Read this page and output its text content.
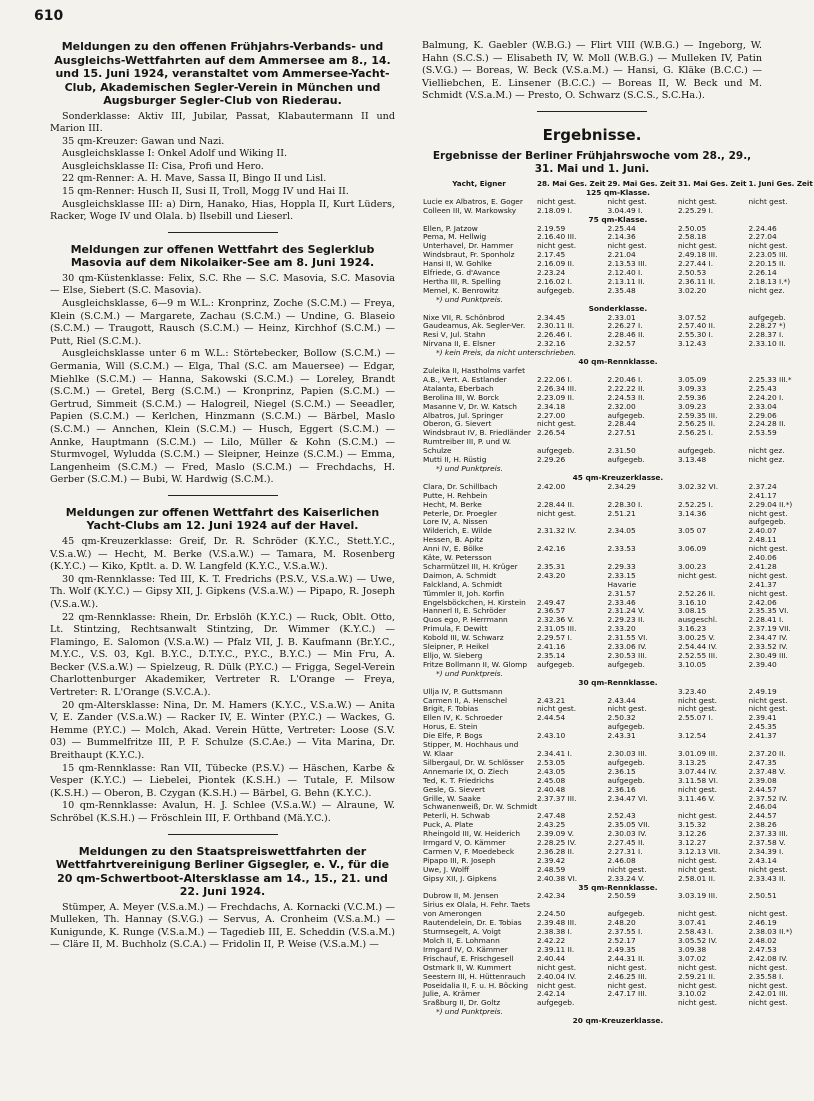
610
Meldungen zu den offenen Frühjahrs-Verbands- und Ausgleichs-Wettfahrten auf dem Ammersee am 8., 14. und 15. Juni 1924, veranstaltet vom Ammersee-Yacht-Club, Akademischen Segler-Verein in München und Augsburger Segler-Club von Riederau.

Sonderklasse: Aktiv III, Jubilar, Passat, Klabautermann II und Marion III.

35 qm-Kreuzer: Gawan und Nazi.

Ausgleichsklasse I: Onkel Adolf und Wiking II.

Ausgleichsklasse II: Cisa, Profi und Hero.

22 qm-Renner: A. H. Mave, Sassa II, Bingo II und Lisl.

15 qm-Renner: Husch II, Susi II, Troll, Mogg IV und Hai II.

Ausgleichsklasse III: a) Dirn, Hanako, Hias, Hoppla II, Kurt Lüders, Racker, Woge IV und Olala. b) Ilsebill und Lieserl.

Meldungen zur offenen Wettfahrt des Seglerklub Masovia auf dem Nikolaiker-See am 8. Juni 1924.

30 qm-Küstenklasse: Felix, S.C. Rhe — S.C. Masovia, S.C. Masovia — Else, Siebert (S.C. Masovia).

Ausgleichsklasse, 6—9 m W.L.: Kronprinz, Zoche (S.C.M.) — Freya, Klein (S.C.M.) — Margarete, Zachau (S.C.M.) — Undine, G. Blaseio (S.C.M.) — Traugott, Rausch (S.C.M.) — Heinz, Kirchhof (S.C.M.) — Putt, Riel (S.C.M.).

Ausgleichsklasse unter 6 m W.L.: Störtebecker, Bollow (S.C.M.) — Germania, Will (S.C.M.) — Elga, Thal (S.C. am Mauersee) — Edgar, Miehlke (S.C.M.) — Hanna, Sakowski (S.C.M.) — Loreley, Brandt (S.C.M.) — Gretel, Berg (S.C.M.) — Kronprinz, Papien (S.C.M.) — Gertrud, Simmeit (S.C.M.) — Halogreil, Niegel (S.C.M.) — Seeadler, Papien (S.C.M.) — Kerlchen, Hinzmann (S.C.M.) — Bärbel, Maslo (S.C.M.) — Annchen, Klein (S.C.M.) — Husch, Eggert (S.C.M.) — Annke, Hauptmann (S.C.M.) — Lilo, Müller & Kohn (S.C.M.) — Sturmvogel, Wyludda (S.C.M.) — Sleipner, Heinze (S.C.M.) — Emma, Langenheim (S.C.M.) — Fred, Maslo (S.C.M.) — Frechdachs, H. Gerber (S.C.M.) — Bubi, W. Hardwig (S.C.M.).

Meldungen zur offenen Wettfahrt des Kaiserlichen Yacht-Clubs am 12. Juni 1924 auf der Havel.

45 qm-Kreuzerklasse: Greif, Dr. R. Schröder (K.Y.C., Stett.Y.C., V.S.a.W.) — Hecht, M. Berke (V.S.a.W.) — Tamara, M. Rosenberg (K.Y.C.) — Kiko, Kptlt. a. D. W. Langfeld (K.Y.C., V.S.a.W.).

30 qm-Rennklasse: Ted III, K. T. Fredrichs (P.S.V., V.S.a.W.) — Uwe, Th. Wolf (K.Y.C.) — Gipsy XII, J. Gipkens (V.S.a.W.) — Pipapo, R. Joseph (V.S.a.W.).

22 qm-Rennklasse: Rhein, Dr. Erbslöh (K.Y.C.) — Ruck, Oblt. Otto, Lt. Stintzing, Rechtsanwalt Stintzing, Dr. Wimmer (K.Y.C.) — Flamingo, E. Salomon (V.S.a.W.) — Pfalz VII, J. B. Kaufmann (Br.Y.C., M.Y.C., V.S. 03, Kgl. B.Y.C., D.T.Y.C., P.Y.C., B.Y.C.) — Min Fru, A. Becker (V.S.a.W.) — Spielzeug, R. Dülk (P.Y.C.) — Frigga, Segel-Verein Charlottenburger Akademiker, Vertreter R. L'Orange — Freya, Vertreter: R. L'Orange (S.V.C.A.).

20 qm-Altersklasse: Nina, Dr. M. Hamers (K.Y.C., V.S.a.W.) — Anita V, E. Zander (V.S.a.W.) — Racker IV, E. Winter (P.Y.C.) — Wackes, G. Hemme (P.Y.C.) — Molch, Akad. Verein Hütte, Vertreter: Loose (S.V. 03) — Bummelfritze III, P. F. Schulze (S.C.Ae.) — Vita Marina, Dr. Breithaupt (K.Y.C.).

15 qm-Rennklasse: Ran VII, Tübecke (P.S.V.) — Häschen, Karbe & Vesper (K.Y.C.) — Liebelei, Piontek (K.S.H.) — Tutale, F. Milsow (K.S.H.) — Oberon, B. Czygan (K.S.H.) — Bärbel, G. Behn (K.Y.C.).

10 qm-Rennklasse: Avalun, H. J. Schlee (V.S.a.W.) — Alraune, W. Schröbel (K.S.H.) — Fröschlein III, F. Orthband (Mä.Y.C.).

Meldungen zu den Staatspreiswettfahrten der Wettfahrtvereinigung Berliner Gigsegler, e. V., für die 20 qm-Schwertboot-Altersklasse am 14., 15., 21. und 22. Juni 1924.

Stümper, A. Meyer (V.S.a.M.) — Frechdachs, A. Kornacki (V.C.M.) — Mulleken, Th. Hannay (S.V.G.) — Servus, A. Cronheim (V.S.a.M.) — Kunigunde, K. Runge (V.S.a.M.) — Tagedieb III, E. Scheddin (V.S.a.M.) — Cläre II, M. Buchholz (S.C.A.) — Fridolin II, P. Weise (V.S.a.M.) —

Balmung, K. Gaebler (W.B.G.) — Flirt VIII (W.B.G.) — Ingeborg, W. Hahn (S.C.S.) — Elisabeth IV, W. Moll (W.B.G.) — Mulleken IV, Patin (S.V.G.) — Boreas, W. Beck (V.S.a.M.) — Hansi, G. Kläke (B.C.C.) — Vielliebchen, E. Linsener (B.C.C.) — Boreas II, W. Beck und M. Schmidt (V.S.a.M.) — Presto, O. Schwarz (S.C.S., S.C.Ha.).

Ergebnisse.
Ergebnisse der Berliner Frühjahrswoche vom 28., 29., 31. Mai und 1. Juni.
Yacht, Eigner	28. Mai Ges. Zeit	29. Mai Ges. Zeit	31. Mai Ges. Zeit	1. Juni Ges. Zeit
125 qm-Klasse.				
Lucie ex Albatros, E. Goger	nicht gest.	nicht gest.	nicht gest.	nicht gest.
Colleen III, W. Markowsky	2.18.09 I.	3.04.49 I.	2.25.29 I.	
75 qm-Klasse.				
Ellen, P. Jatzow	2.19.59	2.25.44	2.50.05	2.24.46
Pema, M. Hellwig	2.16.40 III.	2.14.36	2.58.18	2.27.04
Unterhavel, Dr. Hammer	nicht gest.	nicht gest.	nicht gest.	nicht gest.
Windsbraut, Fr. Sponholz	2.17.45	2.21.04	2.49.18 III.	2.23.05 III.
Hansi II, W. Gohlke	2.16.09 II.	2.13.53 III.	2.27.44 I.	2.20.15 II.
Elfriede, G. d'Avance	2.23.24	2.12.40 I.	2.50.53	2.26.14
Hertha III, R. Spelling	2.16.02 I.	2.13.11 II.	2.36.11 II.	2.18.13 I.*)
Memel, K. Benrowitz	aufgegeb.	2.35.48	3.02.20	nicht gez.
*) und Punktpreis.				
Sonderklasse.				
Nixe VII, R. Schönbrod	2.34.45	2.33.01	3.07.52	aufgegeb.
Gaudeamus, Ak. Segler-Ver.	2.30.11 II.	2.26.27 I.	2.57.40 II.	2.28.27 *)
Resi V, Jul. Stahn	2.26.46 I.	2.28.46 II.	2.55.30 I.	2.28.37 I.
Nirvana II, E. Elsner	2.32.16	2.32.57	3.12.43	2.33.10 II.
*) kein Preis, da nicht unterschrieben.				
40 qm-Rennklasse.				
Zuleika II, Hastholms varfet				
A.B., Vert. A. Estlander	2.22.06 I.	2.20.46 I.	3.05.09	2.25.33 III.*
Atalanta, Eberbach	2.26.34 III.	2.22.22 II.	3.09.33	2.25.43
Berolina III, W. Borck	2.23.09 II.	2.24.53 II.	2.59.36	2.24.20 I.
Masanne V, Dr. W. Katsch	2.34.18	2.32.00	3.09.23	2.33.04
Albatros, Jul. Springer	2.27.00	aufgegeb.	2.59.35 III.	2.29.06
Oberon, G. Sievert	nicht gest.	2.28.44	2.56.25 II.	2.24.28 II.
Windsbraut IV, B. Friedländer	2.26.54	2.27.51	2.56.25 I.	2.53.59
Rumtreiber III, P. und W.				
Schulze	aufgegeb.	2.31.50	aufgegeb.	nicht gez.
Mutti II, H. Rüstig	2.29.26	aufgegeb.	3.13.48	nicht gez.
*) und Punktpreis.				
45 qm-Kreuzerklasse.				
Clara, Dr. Schillbach	2.42.00	2.34.29	3.02.32 VI.	2.37.24
Putte, H. Rehbein				2.41.17
Hecht, M. Berke	2.28.44 II.	2.28.30 I.	2.52.25 I.	2.29.04 II.*)
Peterle, Dr. Proegler	nicht gest.	2.51.21	3.14.36	nicht gest.
Lore IV, A. Nissen				aufgegeb.
Wilderich, E. Wilde	2.31.32 IV.	2.34.05	3.05 07	2.40.07
Hessen, B. Apitz				2.48.11
Anni IV, E. Bölke	2.42.16	2.33.53	3.06.09	nicht gest.
Käte, W. Petersson				2.40.06
Scharmützel III, H. Krüger	2.35.31	2.29.33	3.00.23	2.41.28
Daimon, A. Schmidt	2.43.20	2.33.15	nicht gest.	nicht gest.
Falckland, A. Schmidt		Havarie		2.41.37
Tümmler II, Joh. Korfin		2.31.57	2.52.26 II.	nicht gest.
Engelsböckchen, H. Kirstein	2.49.47	2.33.46	3.16.10	2.42.06
Hannerl II, E. Schröder	2.36.57	2.31.24 V.	3.08.15	2.35.35 VI.
Quos ego, P. Herrmann	2.32.36 V.	2.29.23 II.	ausgeschl.	2.28.41 I.
Primula, F. Dewitt	2.31.05 III.	2.33.20	3.16.23	2.37.19 VII.
Kobold III, W. Schwarz	2.29.57 I.	2.31.55 VI.	3.00.25 V.	2.34.47 IV.
Sleipner, P. Heikel	2.41.16	2.33.06 IV.	2.54.44 IV.	2.33.52 IV.
Elljo, W. Sieberg	2.35.14	2.30.53 III.	2.52.55 III.	2.30.49 III.
Fritze Bollmann II, W. Glomp	aufgegeb.	aufgegeb.	3.10.05	2.39.40
*) und Punktpreis.				
30 qm-Rennklasse.				
Ullja IV, P. Guttsmann			3.23.40	2.49.19
Carmen II, A. Henschel	2.43.21	2.43.44	nicht gest.	nicht gest.
Brigit, F. Tobias	nicht gest.	nicht gest.	nicht gest.	nicht gest.
Ellen IV, K. Schroeder	2.44.54	2.50.32	2.55.07 I.	2.39.41
Horus, E. Stein		aufgegeb.		2.45.35
Die Elfe, P. Bogs	2.43.10	2.43.31	3.12.54	2.41.37
Stipper, M. Hochhaus und				
W. Klaar	2.34.41 I.	2.30.03 III.	3.01.09 III.	2.37.20 II.
Silbergaul, Dr. W. Schlösser	2.53.05	aufgegeb.	3.13.25	2.47.35
Annemarie IX, O. Ziech	2.43.05	2.36.15	3.07.44 IV.	2.37.48 V.
Ted, K. T. Friedrichs	2.45.08	aufgegeb.	3.11.58 VI.	2.39.08
Gesle, G. Sievert	2.40.48	2.36.16	nicht gest.	2.44.57
Grille, W. Saake	2.37.37 III.	2.34.47 VI.	3.11.46 V.	2.37.52 IV.
Schwanenweiß, Dr. W. Schmidt				2.46.04
Peterli, H. Schwab	2.47.48	2.52.43	nicht gest.	2.44.57
Puck, A. Plate	2.43.25	2.35.05 VII.	3.15.32	2.38.26
Rheingold III, W. Heiderich	2.39.09 V.	2.30.03 IV.	3.12.26	2.37.33 III.
Irmgard V, O. Kämmer	2.28.25 IV.	2.27.45 II.	3.12.27	2.37.58 V.
Carmen V, F. Moedebeck	2.36.28 II.	2.27.31 I.	3.12.13 VII.	2.34.39 I.
Pipapo III, R. Joseph	2.39.42	2.46.08	nicht gest.	2.43.14
Uwe, J. Wolff	2.48.59	nicht gest.	nicht gest.	nicht gest.
Gipsy XII, J. Gipkens	2.40.38 VI.	2.33.24 V.	2.58.01 II.	2.33.43 II.
35 qm-Rennklasse.				
Dubrow II, M. Jensen	2.42.34	2.50.59	3.03.19 III.	2.50.51
Sirius ex Olala, H. Fehr. Taets				
von Amerongen	2.24.50	aufgegeb.	nicht gest.	nicht gest.
Rautendelein, Dr. E. Tobias	2.39.48 III.	2.48.20	3.07.41	2.46.19
Sturmsegelt, A. Voigt	2.38.38 I.	2.37.55 I.	2.58.43 I.	2.38.03 II.*)
Molch II, E. Lohmann	2.42.22	2.52.17	3.05.52 IV.	2.48.02
Irmgard IV, O. Kämmer	2.39.11 II.	2.49.35	3.09.38	2.47.53
Frischauf, E. Frischgesell	2.40.44	2.44.31 II.	3.07.02	2.42.08 IV.
Ostmark II, W. Kummert	nicht gest.	nicht gest.	nicht gest.	nicht gest.
Seestern III, H. Hüttenrauch	2.40.04 IV.	2.46.25 III.	2.59.21 II.	2.35.58 I.
Poseidalia II, F. u. H. Böcking	nicht gest.	nicht gest.	nicht gest.	nicht gest.
Julie, A. Krämer	2.42.14	2.47.17 III.	3.10.02	2.42.01 III.
Sraßburg II, Dr. Goltz	aufgegeb.		nicht gest.	nicht gest.
*) und Punktpreis.				
20 qm-Kreuzerklasse.				
